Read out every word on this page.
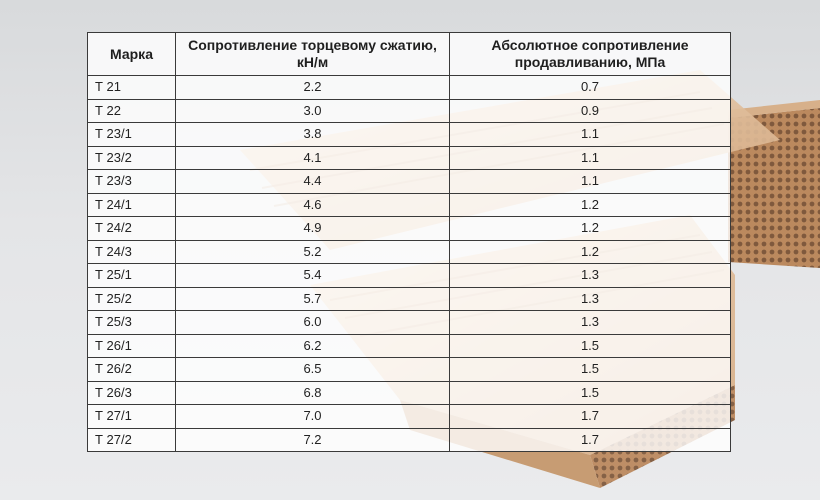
Марка	Сопротивление торцевому сжатию, кН/м	Абсолютное сопротивление продавливанию, МПа
Т 21	2.2	0.7
Т 22	3.0	0.9
Т 23/1	3.8	1.1
Т 23/2	4.1	1.1
Т 23/3	4.4	1.1
Т 24/1	4.6	1.2
Т 24/2	4.9	1.2
Т 24/3	5.2	1.2
Т 25/1	5.4	1.3
Т 25/2	5.7	1.3
Т 25/3	6.0	1.3
Т 26/1	6.2	1.5
Т 26/2	6.5	1.5
Т 26/3	6.8	1.5
Т 27/1	7.0	1.7
Т 27/2	7.2	1.7
